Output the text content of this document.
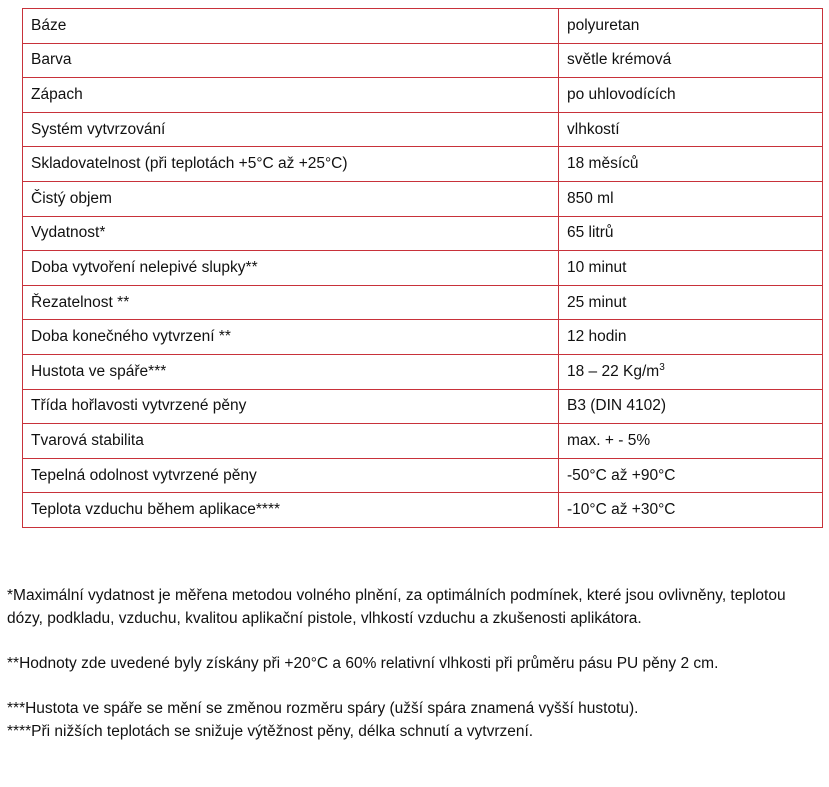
Báze	polyuretan
Barva	světle krémová
Zápach	po uhlovodících
Systém vytvrzování	vlhkostí
Skladovatelnost (při teplotách +5°C až +25°C)	18 měsíců
Čistý objem	850 ml
Vydatnost*	65 litrů
Doba vytvoření nelepivé slupky**	10 minut
Řezatelnost **	25 minut
Doba konečného vytvrzení **	12 hodin
Hustota ve spáře***	18 – 22 $Kg/m^3$
Třída hořlavosti vytvrzené pěny	B3 (DIN 4102)
Tvarová stabilita	max. + - 5%
Tepelná odolnost vytvrzené pěny	-50°C až +90°C
Teplota vzduchu během aplikace****	-10°C až +30°C

*Maximální vydatnost je měřena metodou volného plnění, za optimálních podmínek, které jsou ovlivněny, teplotou dózy, podkladu, vzduchu, kvalitou aplikační pistole, vlhkostí vzduchu a zkušenosti aplikátora.

**Hodnoty zde uvedené byly získány při +20°C a 60% relativní vlhkosti při průměru pásu PU pěny 2 cm.

***Hustota ve spáře se mění se změnou rozměru spáry (užší spára znamená vyšší hustotu).

****Při nižších teplotách se snižuje výtěžnost pěny, délka schnutí a vytvrzení.
